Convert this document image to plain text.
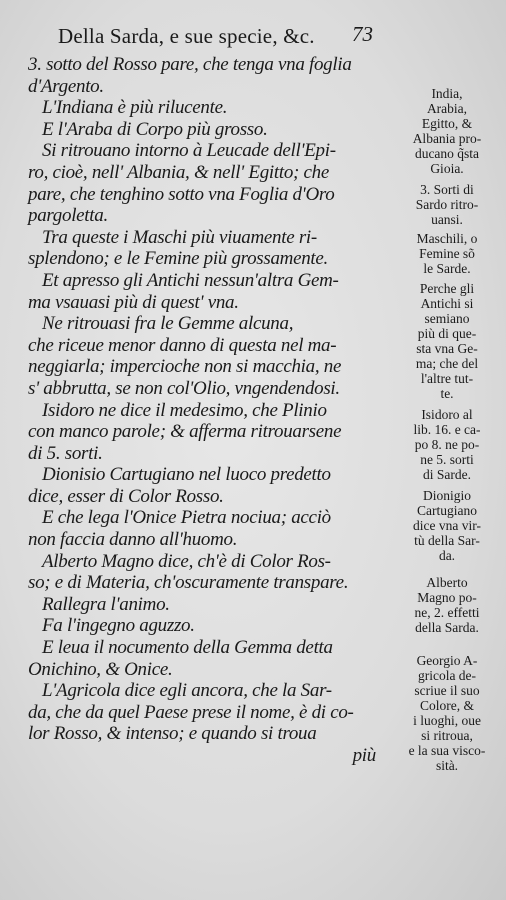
Della Sarda, e sue specie, &c.	73
3. sotto del Rosso pare, che tenga vna foglia
d'Argento.
L'Indiana è più rilucente.
E l'Araba di Corpo più grosso.
Si ritrouano intorno à Leucade dell'Epi-
ro, cioè, nell' Albania, & nell' Egitto; che
pare, che tenghino sotto vna Foglia d'Oro
pargoletta.
Tra queste i Maschi più viuamente ri-
splendono; e le Femine più grossamente.
Et apresso gli Antichi nessun'altra Gem-
ma vsauasi più di quest' vna.
Ne ritrouasi fra le Gemme alcuna,
che riceue menor danno di questa nel ma-
neggiarla; impercioche non si macchia, ne
s' abbrutta, se non col'Olio, vngendendosi.
Isidoro ne dice il medesimo, che Plinio
con manco parole; & afferma ritrouarsene
di 5. sorti.
Dionisio Cartugiano nel luoco predetto
dice, esser di Color Rosso.
E che lega l'Onice Pietra nociua; acciò
non faccia danno all'huomo.
Alberto Magno dice, ch'è di Color Ros-
so; e di Materia, ch'oscuramente transpare.
Rallegra l'animo.
Fa l'ingegno aguzzo.
E leua il nocumento della Gemma detta
Onichino, & Onice.
L'Agricola dice egli ancora, che la Sar-
da, che da quel Paese prese il nome, è di co-
lor Rosso, & intenso; e quando si troua
più
India,
Arabia,
Egitto, &
Albania pro-
ducano q̃sta
Gioia.
3. Sorti di
Sardo ritro-
uansi.
Maschili, o
Femine sõ
le Sarde.
Perche gli
Antichi si
semiano
più di que-
sta vna Ge-
ma; che del
l'altre tut-
te.
Isidoro al
lib. 16. e ca-
po 8. ne po-
ne 5. sorti
di Sarde.
Dionigio
Cartugiano
dice vna vir-
tù della Sar-
da.
Alberto
Magno po-
ne, 2. effetti
della Sarda.
Georgio A-
gricola de-
scriue il suo
Colore, &
i luoghi, oue
si ritroua,
e la sua visco-
sità.
